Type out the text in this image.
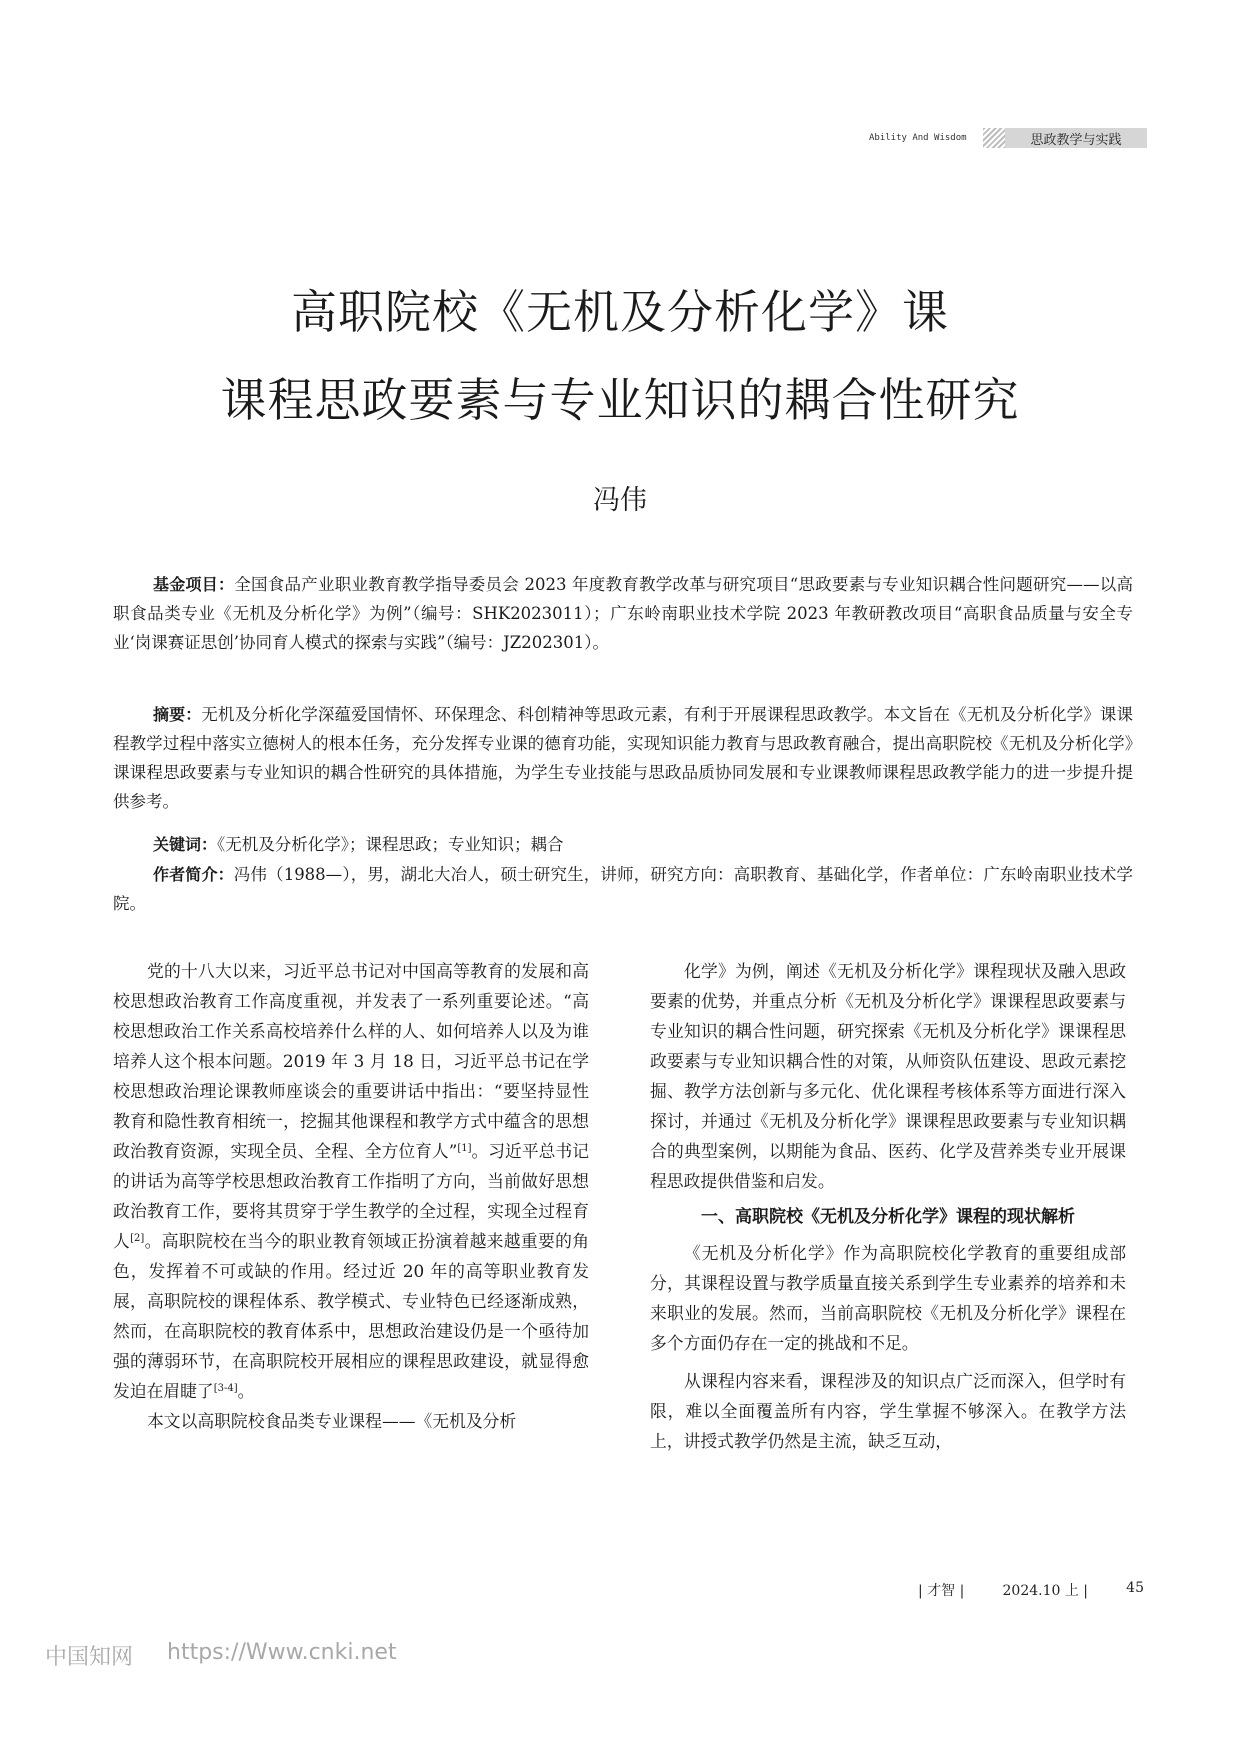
Ability And Wisdom	思政教学与实践
高职院校《无机及分析化学》课
课程思政要素与专业知识的耦合性研究
冯伟
基金项目：全国食品产业职业教育教学指导委员会 2023 年度教育教学改革与研究项目“思政要素与专业知识耦合性问题研究——以高职食品类专业《无机及分析化学》为例”（编号：SHK2023011）；广东岭南职业技术学院 2023 年教研教改项目“高职食品质量与安全专业‘岗课赛证思创’协同育人模式的探索与实践”（编号：JZ202301）。
摘要：无机及分析化学深蕴爱国情怀、环保理念、科创精神等思政元素，有利于开展课程思政教学。本文旨在《无机及分析化学》课课程教学过程中落实立德树人的根本任务，充分发挥专业课的德育功能，实现知识能力教育与思政教育融合，提出高职院校《无机及分析化学》课课程思政要素与专业知识的耦合性研究的具体措施，为学生专业技能与思政品质协同发展和专业课教师课程思政教学能力的进一步提升提供参考。
关键词：《无机及分析化学》；课程思政；专业知识；耦合
作者简介：冯伟（1988—），男，湖北大冶人，硕士研究生，讲师，研究方向：高职教育、基础化学，作者单位：广东岭南职业技术学院。

党的十八大以来，习近平总书记对中国高等教育的发展和高校思想政治教育工作高度重视，并发表了一系列重要论述。“高校思想政治工作关系高校培养什么样的人、如何培养人以及为谁培养人这个根本问题。2019 年 3 月 18 日，习近平总书记在学校思想政治理论课教师座谈会的重要讲话中指出：“要坚持显性教育和隐性教育相统一，挖掘其他课程和教学方式中蕴含的思想政治教育资源，实现全员、全程、全方位育人”[1]。习近平总书记的讲话为高等学校思想政治教育工作指明了方向，当前做好思想政治教育工作，要将其贯穿于学生教学的全过程，实现全过程育人[2]。高职院校在当今的职业教育领域正扮演着越来越重要的角色，发挥着不可或缺的作用。经过近 20 年的高等职业教育发展，高职院校的课程体系、教学模式、专业特色已经逐渐成熟，然而，在高职院校的教育体系中，思想政治建设仍是一个亟待加强的薄弱环节，在高职院校开展相应的课程思政建设，就显得愈发迫在眉睫了[3-4]。

本文以高职院校食品类专业课程——《无机及分析

化学》为例，阐述《无机及分析化学》课程现状及融入思政要素的优势，并重点分析《无机及分析化学》课课程思政要素与专业知识的耦合性问题，研究探索《无机及分析化学》课课程思政要素与专业知识耦合性的对策，从师资队伍建设、思政元素挖掘、教学方法创新与多元化、优化课程考核体系等方面进行深入探讨，并通过《无机及分析化学》课课程思政要素与专业知识耦合的典型案例，以期能为食品、医药、化学及营养类专业开展课程思政提供借鉴和启发。

一、高职院校《无机及分析化学》课程的现状解析

《无机及分析化学》作为高职院校化学教育的重要组成部分，其课程设置与教学质量直接关系到学生专业素养的培养和未来职业的发展。然而，当前高职院校《无机及分析化学》课程在多个方面仍存在一定的挑战和不足。

从课程内容来看，课程涉及的知识点广泛而深入，但学时有限，难以全面覆盖所有内容，学生掌握不够深入。在教学方法上，讲授式教学仍然是主流，缺乏互动，

| 才智 |	2024.10 上 |	45
中国知网 https://Www.cnki.net
